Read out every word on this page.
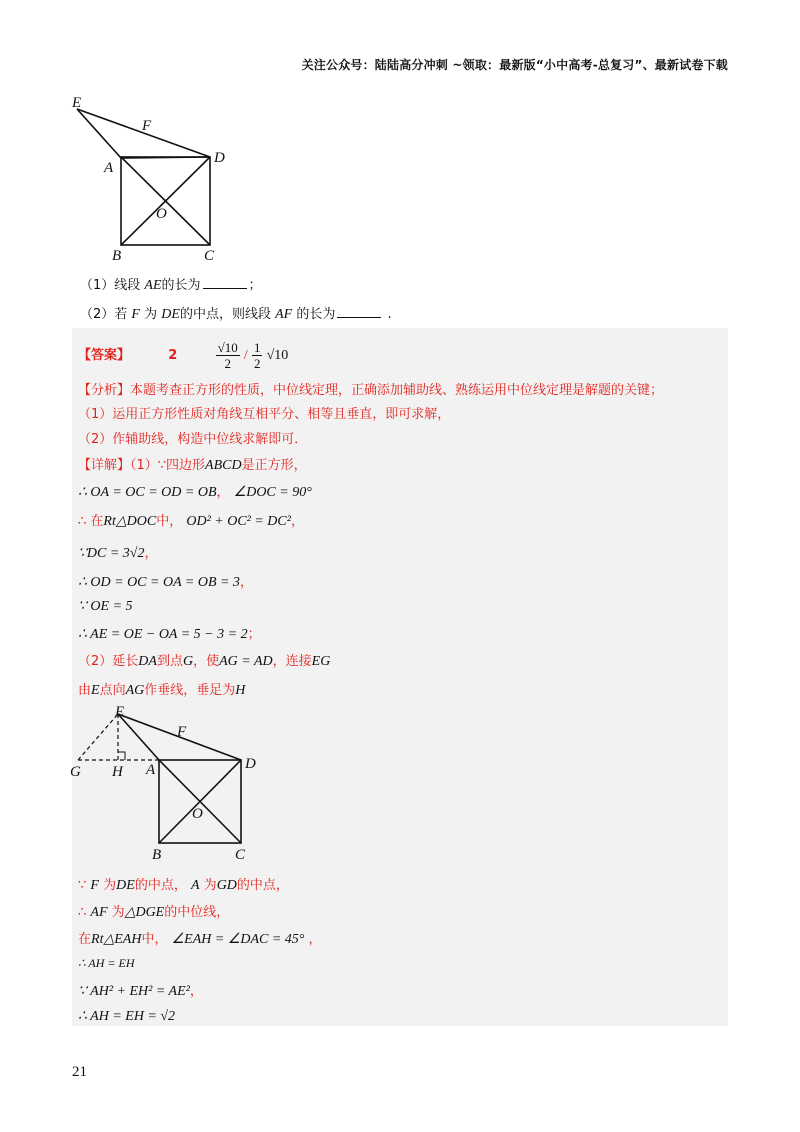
关注公众号：陆陆高分冲刺 ~领取：最新版“小中高考-总复习”、最新试卷下载
E
F
A
D
O
B	C
（1）线段 AE的长为	；
（2）若 F 为 DE的中点，则线段 AF 的长为	.
【答案】	2	$\frac{√10}{2} / \frac{1}{2} √10$
【分析】本题考查正方形的性质，中位线定理，正确添加辅助线、熟练运用中位线定理是解题的关键；
（1）运用正方形性质对角线互相平分、相等且垂直，即可求解，
（2）作辅助线，构造中位线求解即可．
【详解】（1）∵四边形ABCD是正方形，
∴ OA = OC = OD = OB， ∠DOC = 90°
∴ 在Rt△DOC中， OD² + OC² = DC²，
∵DC = 3√2，
∴ OD = OC = OA = OB = 3，
∵ OE = 5
∴ AE = OE − OA = 5 − 3 = 2；
（2）延长DA到点G，使AG = AD，连接EG
由E点向AG作垂线，垂足为H
E
F
G H A	D
O
B	C
∵ F 为DE的中点， A 为GD的中点，
∴ AF 为△DGE的中位线，
在Rt△EAH中， ∠EAH = ∠DAC = 45° ，
∴ AH = EH
∵ AH² + EH² = AE²，
∴ AH = EH = √2
21
